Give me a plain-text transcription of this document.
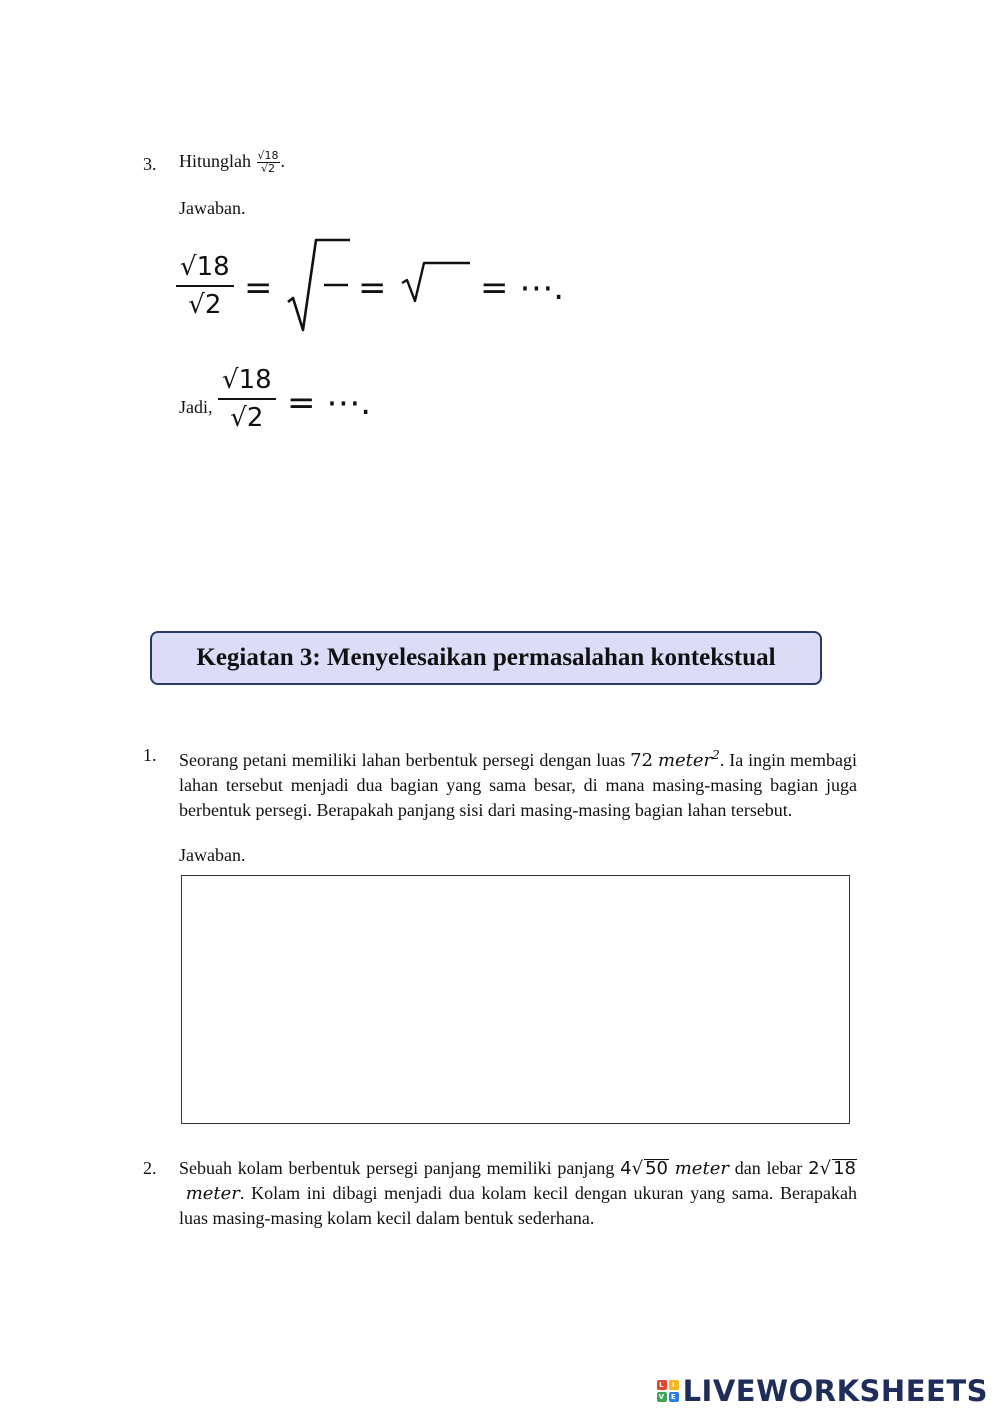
3. Hitunglah $\frac{√18}{√2}$ .
Jawaban.
$\frac{√18}{√2}$ =	=	= ⋯.
Jadi, $\frac{√18}{√2}$ = ⋯.
Kegiatan 3: Menyelesaikan permasalahan kontekstual
1. Seorang petani memiliki lahan berbentuk persegi dengan luas 72 meter$^2$. Ia ingin membagi lahan tersebut menjadi dua bagian yang sama besar, di mana masing-masing bagian juga berbentuk persegi. Berapakah panjang sisi dari masing-masing bagian lahan tersebut.
Jawaban.
2. Sebuah kolam berbentuk persegi panjang memiliki panjang 4√ 50 meter dan lebar 2√ 18 meter. Kolam ini dibagi menjadi dua kolam kecil dengan ukuran yang sama. Berapakah luas masing-masing kolam kecil dalam bentuk sederhana.
L	I
V E LIVEWORKSHEETS
